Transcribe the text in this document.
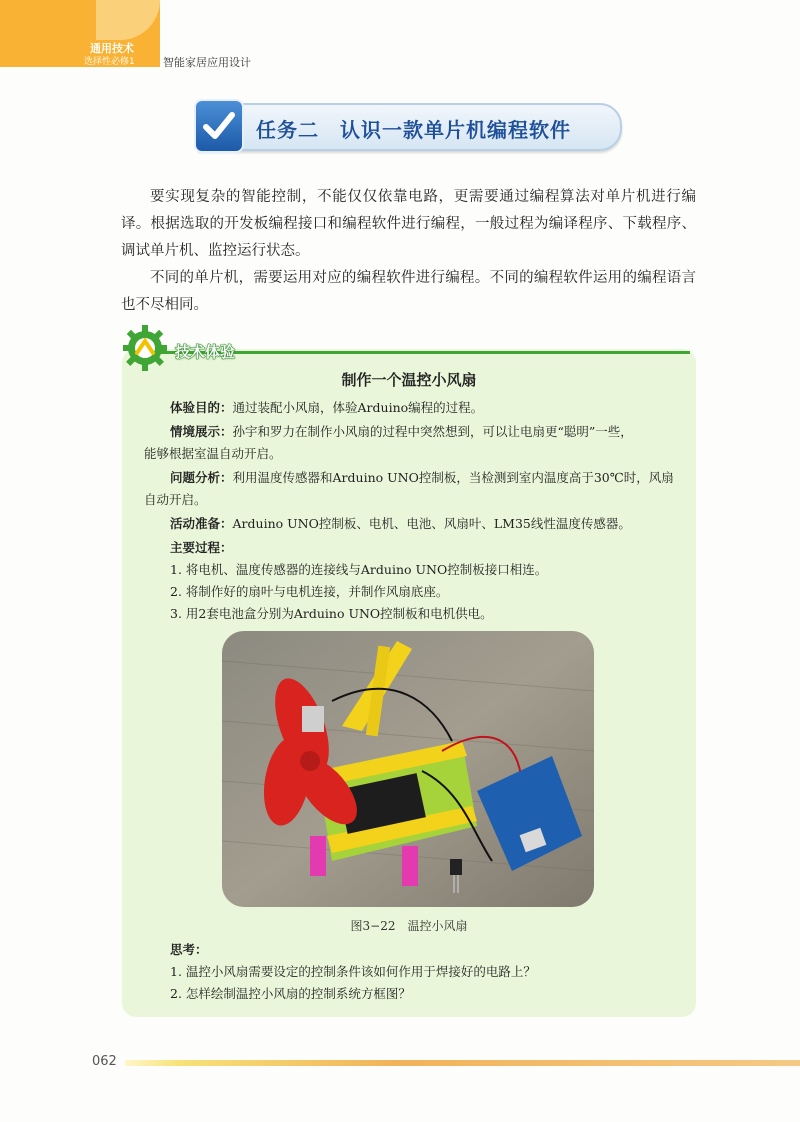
通用技术
选择性必修1	智能家居应用设计
任务二　认识一款单片机编程软件

要实现复杂的智能控制，不能仅仅依靠电路，更需要通过编程算法对单片机进行编译。根据选取的开发板编程接口和编程软件进行编程，一般过程为编译程序、下载程序、调试单片机、监控运行状态。

不同的单片机，需要运用对应的编程软件进行编程。不同的编程软件运用的编程语言也不尽相同。

制作一个温控小风扇
体验目的：通过装配小风扇，体验Arduino编程的过程。
情境展示：孙宇和罗力在制作小风扇的过程中突然想到，可以让电扇更“聪明”一些，
能够根据室温自动开启。
问题分析：利用温度传感器和Arduino UNO控制板，当检测到室内温度高于30℃时，风扇
自动开启。
活动准备：Arduino UNO控制板、电机、电池、风扇叶、LM35线性温度传感器。
主要过程：
1. 将电机、温度传感器的连接线与Arduino UNO控制板接口相连。
2. 将制作好的扇叶与电机连接，并制作风扇底座。
3. 用2套电池盒分别为Arduino UNO控制板和电机供电。
图3−22　温控小风扇
思考：
1. 温控小风扇需要设定的控制条件该如何作用于焊接好的电路上？
2. 怎样绘制温控小风扇的控制系统方框图？
技术体验
062
